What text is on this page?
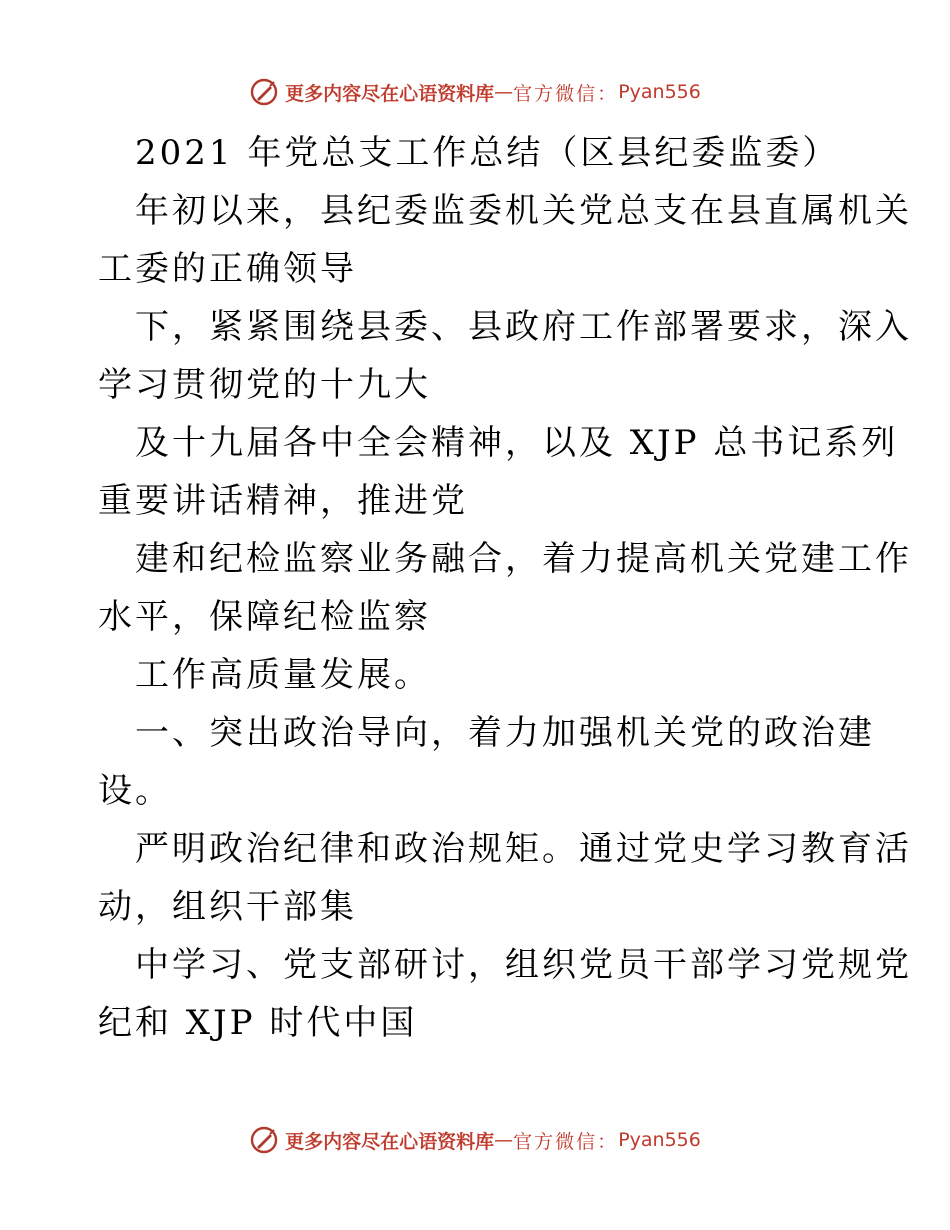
更多内容尽在心语资料库 — 官方微信： Pyan556
2021 年党总支工作总结（区县纪委监委）
年初以来，县纪委监委机关党总支在县直属机关
工委的正确领导
下，紧紧围绕县委、县政府工作部署要求，深入
学习贯彻党的十九大
及十九届各中全会精神，以及 XJP 总书记系列
重要讲话精神，推进党
建和纪检监察业务融合，着力提高机关党建工作
水平，保障纪检监察
工作高质量发展。
一、突出政治导向，着力加强机关党的政治建
设。
严明政治纪律和政治规矩。通过党史学习教育活
动，组织干部集
中学习、党支部研讨，组织党员干部学习党规党
纪和 XJP 时代中国
更多内容尽在心语资料库 — 官方微信： Pyan556
